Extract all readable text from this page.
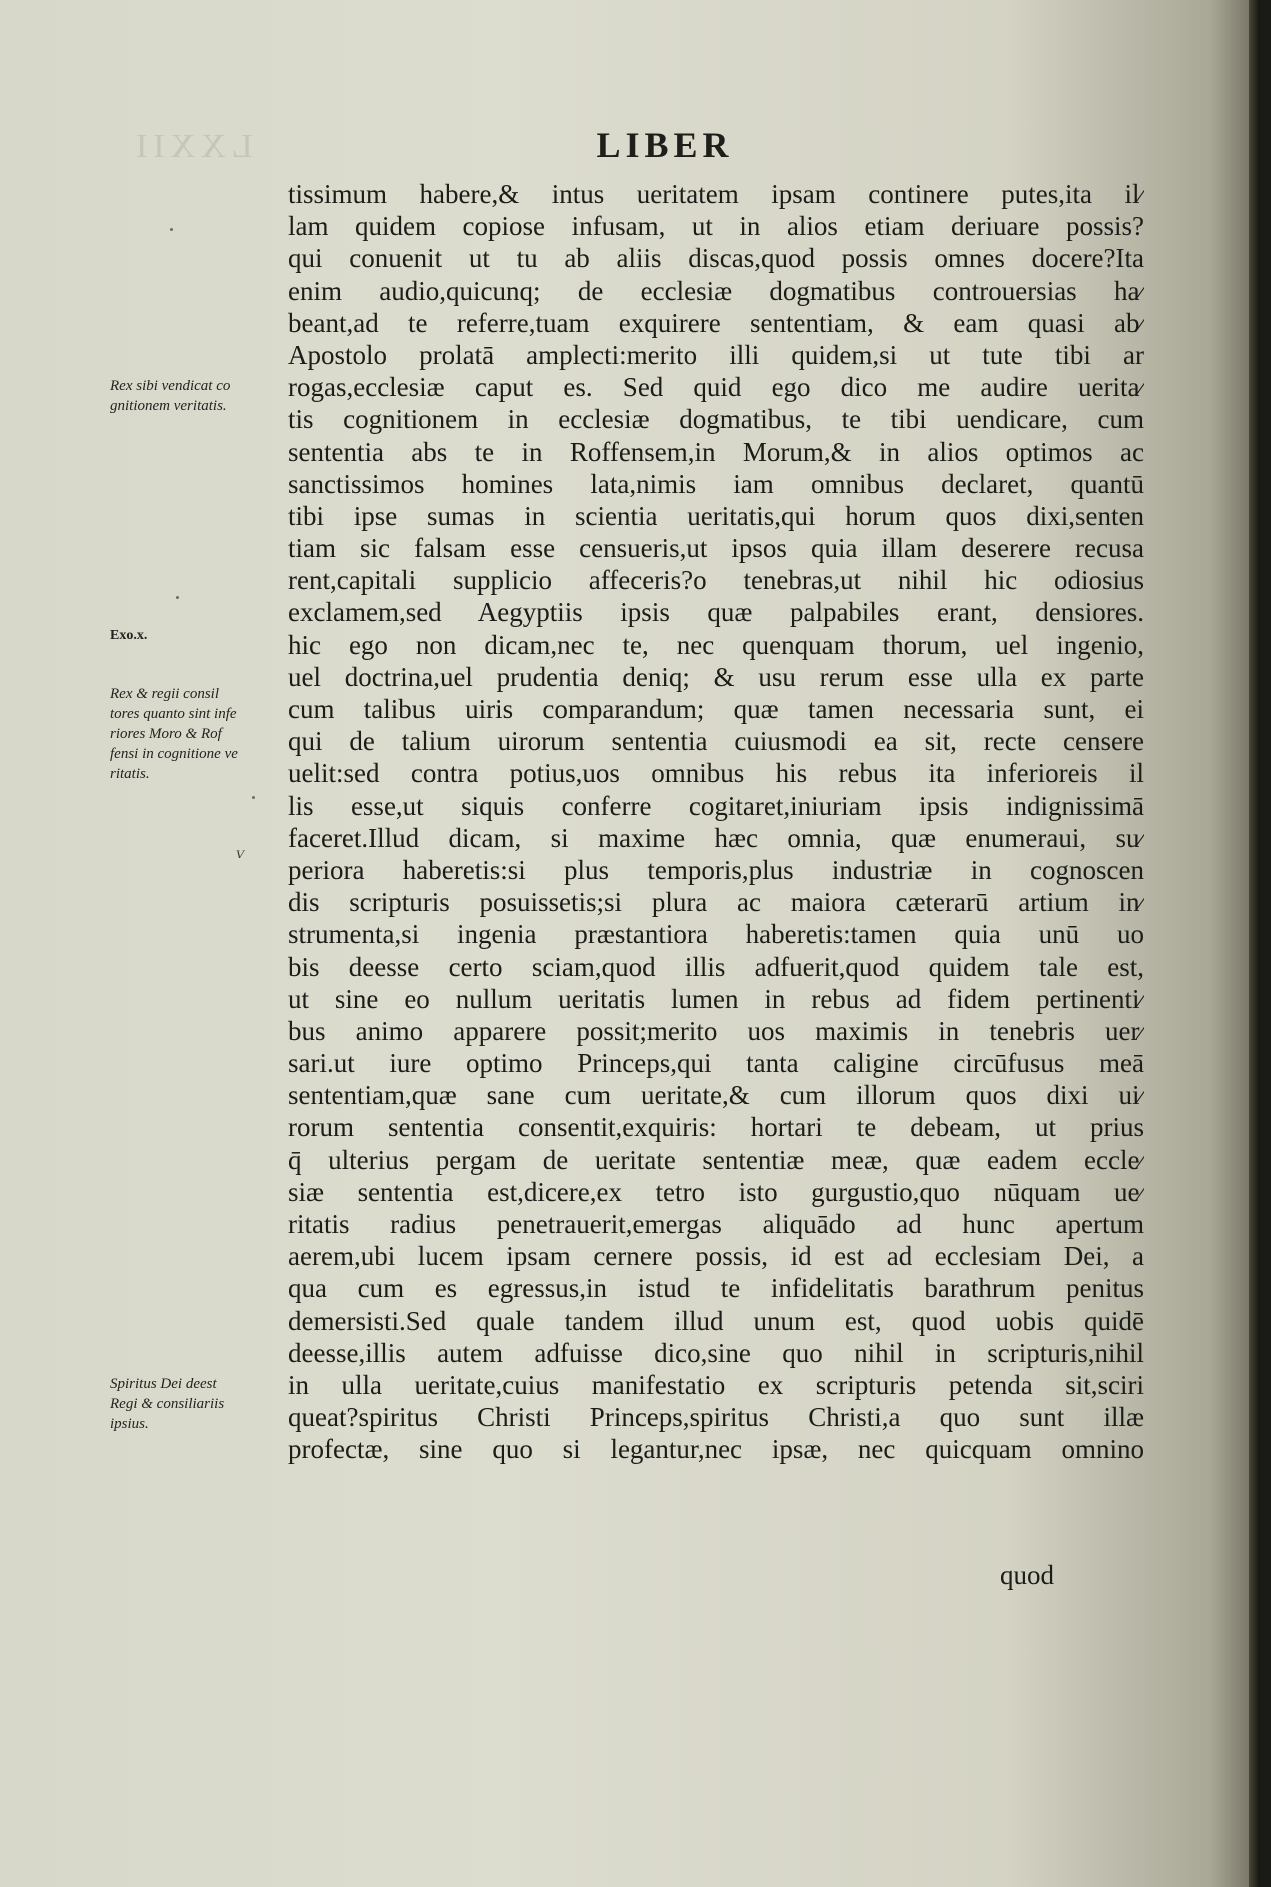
LXXII	LIBER
Rex sibi vendicat co
gnitionem veritatis.
Exo.x.
Rex & regii consil
tores quanto sint infe
riores Moro & Rof
fensi in cognitione ve
ritatis.
Spiritus Dei deest
Regi & consiliariis
ipsius.
ⱽ
tissimum habere,& intus ueritatem ipsam continere putes,ita il⁄
lam quidem copiose infusam, ut in alios etiam deriuare possis?
qui conuenit ut tu ab aliis discas,quod possis omnes docere?Ita
enim audio,quicunq; de ecclesiæ dogmatibus controuersias ha⁄
beant,ad te referre,tuam exquirere sententiam, & eam quasi ab⁄
Apostolo prolatā amplecti:merito illi quidem,si ut tute tibi ar
rogas,ecclesiæ caput es. Sed quid ego dico me audire uerita⁄
tis cognitionem in ecclesiæ dogmatibus, te tibi uendicare, cum
sententia abs te in Roffensem,in Morum,& in alios optimos ac
sanctissimos homines lata,nimis iam omnibus declaret, quantū
tibi ipse sumas in scientia ueritatis,qui horum quos dixi,senten
tiam sic falsam esse censueris,ut ipsos quia illam deserere recusa
rent,capitali supplicio affeceris?o tenebras,ut nihil hic odiosius
exclamem,sed Aegyptiis ipsis quæ palpabiles erant, densiores.
hic ego non dicam,nec te, nec quenquam thorum, uel ingenio,
uel doctrina,uel prudentia deniq; & usu rerum esse ulla ex parte
cum talibus uiris comparandum; quæ tamen necessaria sunt, ei
qui de talium uirorum sententia cuiusmodi ea sit, recte censere
uelit:sed contra potius,uos omnibus his rebus ita inferioreis il
lis esse,ut siquis conferre cogitaret,iniuriam ipsis indignissimā
faceret.Illud dicam, si maxime hæc omnia, quæ enumeraui, su⁄
periora haberetis:si plus temporis,plus industriæ in cognoscen
dis scripturis posuissetis;si plura ac maiora cæterarū artium in⁄
strumenta,si ingenia præstantiora haberetis:tamen quia unū uo
bis deesse certo sciam,quod illis adfuerit,quod quidem tale est,
ut sine eo nullum ueritatis lumen in rebus ad fidem pertinenti⁄
bus animo apparere possit;merito uos maximis in tenebris uer⁄
sari.ut iure optimo Princeps,qui tanta caligine circūfusus meā
sententiam,quæ sane cum ueritate,& cum illorum quos dixi ui⁄
rorum sententia consentit,exquiris: hortari te debeam, ut prius
q̄ ulterius pergam de ueritate sententiæ meæ, quæ eadem eccle⁄
siæ sententia est,dicere,ex tetro isto gurgustio,quo nūquam ue⁄
ritatis radius penetrauerit,emergas aliquādo ad hunc apertum
aerem,ubi lucem ipsam cernere possis, id est ad ecclesiam Dei, a
qua cum es egressus,in istud te infidelitatis barathrum penitus
demersisti.Sed quale tandem illud unum est, quod uobis quidē
deesse,illis autem adfuisse dico,sine quo nihil in scripturis,nihil
in ulla ueritate,cuius manifestatio ex scripturis petenda sit,sciri
queat?spiritus Christi Princeps,spiritus Christi,a quo sunt illæ
profectæ, sine quo si legantur,nec ipsæ, nec quicquam omnino
quod
